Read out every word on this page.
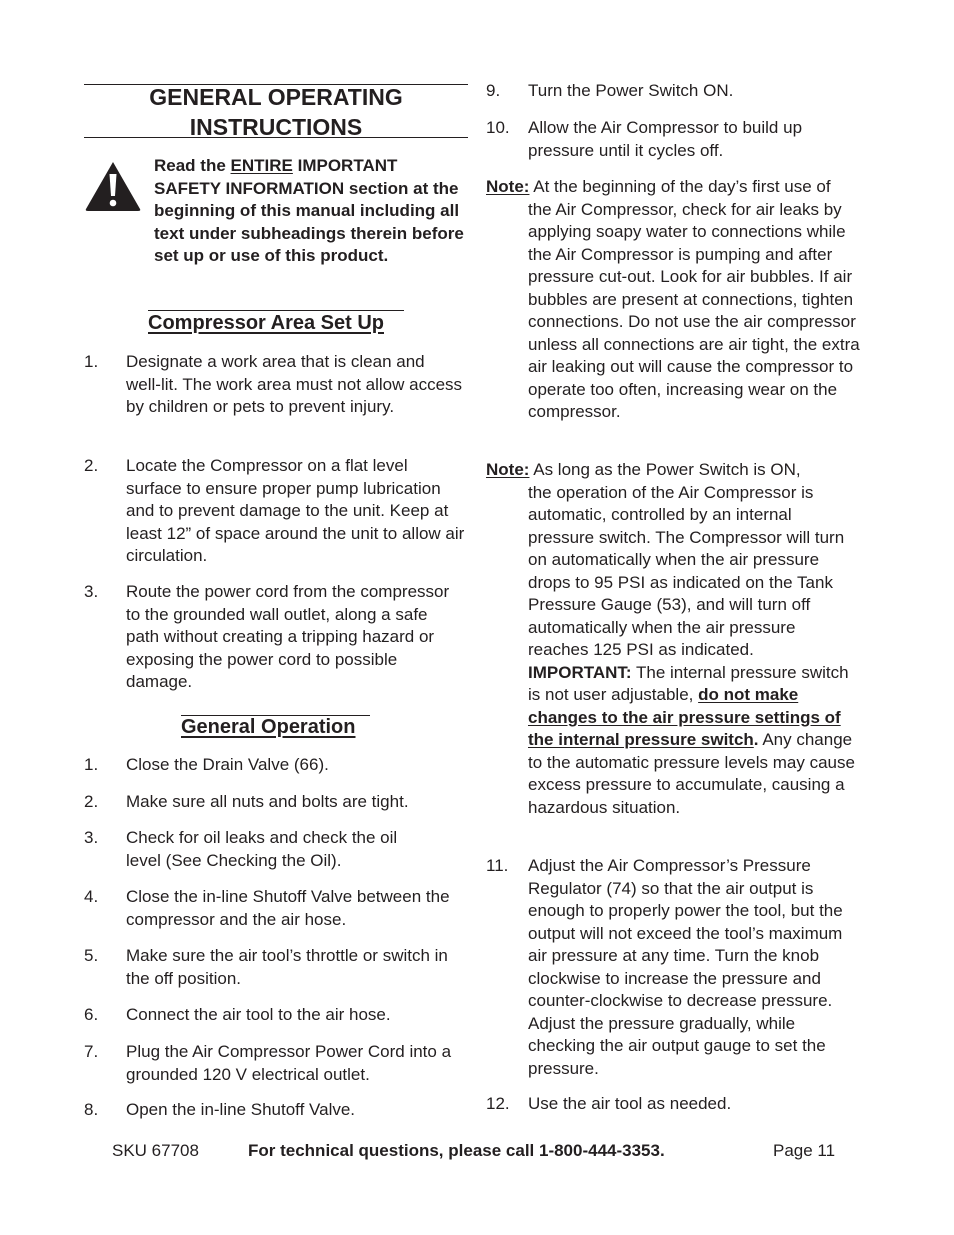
GENERAL OPERATING
INSTRUCTIONS
Read the ENTIRE IMPORTANT SAFETY INFORMATION section at the beginning of this manual including all text under subheadings therein before set up or use of this product.
Compressor Area Set Up
1. Designate a work area that is clean and well-lit. The work area must not allow access by children or pets to prevent injury.
2. Locate the Compressor on a flat level surface to ensure proper pump lubrication and to prevent damage to the unit. Keep at least 12” of space around the unit to allow air circulation.
3. Route the power cord from the compressor to the grounded wall outlet, along a safe path without creating a tripping hazard or exposing the power cord to possible damage.
General Operation
1. Close the Drain Valve (66).
2. Make sure all nuts and bolts are tight.
3. Check for oil leaks and check the oil level (See Checking the Oil).
4. Close the in-line Shutoff Valve between the compressor and the air hose.
5. Make sure the air tool’s throttle or switch in the off position.
6. Connect the air tool to the air hose.
7. Plug the Air Compressor Power Cord into a grounded 120 V electrical outlet.
8. Open the in-line Shutoff Valve.
9. Turn the Power Switch ON.
10. Allow the Air Compressor to build up pressure until it cycles off.
Note: At the beginning of the day’s first use of
the Air Compressor, check for air leaks by applying soapy water to connections while the Air Compressor is pumping and after pressure cut-out. Look for air bubbles. If air bubbles are present at connections, tighten connections. Do not use the air compressor unless all connections are air tight, the extra air leaking out will cause the compressor to operate too often, increasing wear on the compressor.
Note: As long as the Power Switch is ON,
the operation of the Air Compressor is automatic, controlled by an internal pressure switch. The Compressor will turn on automatically when the air pressure drops to 95 PSI as indicated on the Tank Pressure Gauge (53), and will turn off automatically when the air pressure reaches 125 PSI as indicated. IMPORTANT: The internal pressure switch is not user adjustable, do not make changes to the air pressure settings of the internal pressure switch. Any change to the automatic pressure levels may cause excess pressure to accumulate, causing a hazardous situation.
11. Adjust the Air Compressor’s Pressure Regulator (74) so that the air output is enough to properly power the tool, but the output will not exceed the tool’s maximum air pressure at any time. Turn the knob clockwise to increase the pressure and counter-clockwise to decrease pressure. Adjust the pressure gradually, while checking the air output gauge to set the pressure.
12. Use the air tool as needed.
SKU 67708	For technical questions, please call 1-800-444-3353.	Page 11
